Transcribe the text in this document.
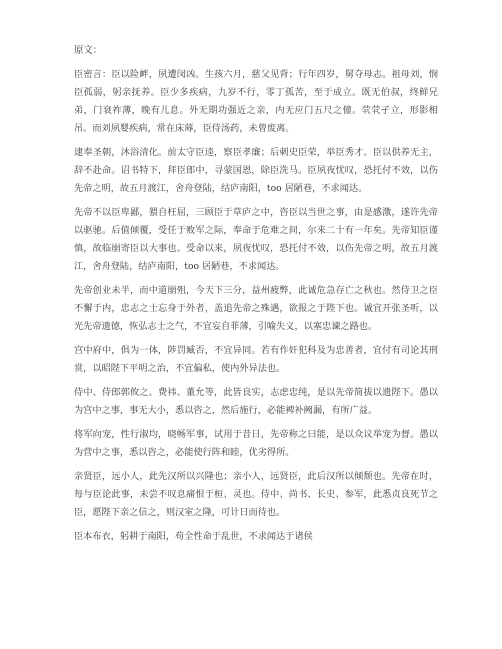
原文：

臣密言：臣以险衅，夙遭闵凶。生孩六月，慈父见背；行年四岁，舅夺母志。祖母刘，悯臣孤弱，躬亲抚养。臣少多疾病，九岁不行，零丁孤苦，至于成立。既无伯叔，终鲜兄弟，门衰祚薄，晚有儿息。外无期功强近之亲，内无应门五尺之僮。茕茕孑立，形影相吊。而刘夙婴疾病，常在床蓐，臣侍汤药，未曾废离。

逮奉圣朝，沐浴清化。前太守臣逵，察臣孝廉；后刺史臣荣，举臣秀才。臣以供养无主，辞不赴命。诏书特下，拜臣郎中，寻蒙国恩，除臣洗马。臣夙夜忧叹，恐托付不效，以伤先帝之明，故五月渡江，舍舟登陆，结庐南阳，too 居陋巷，不求闻达。

先帝不以臣卑鄙，猥自枉屈，三顾臣于草庐之中，咨臣以当世之事，由是感激，遂许先帝以驱驰。后值倾覆，受任于败军之际，奉命于危难之间，尔来二十有一年矣。先帝知臣谨慎，故临崩寄臣以大事也。受命以来，夙夜忧叹，恐托付不效，以伤先帝之明，故五月渡江，舍舟登陆，结庐南阳，too 居陋巷，不求闻达。

先帝创业未半，而中道崩殂，今天下三分，益州疲弊，此诚危急存亡之秋也。然侍卫之臣不懈于内，忠志之士忘身于外者，盖追先帝之殊遇，欲报之于陛下也。诚宜开张圣听，以光先帝遗德，恢弘志士之气，不宜妄自菲薄，引喻失义，以塞忠谏之路也。

宫中府中，俱为一体，陟罚臧否，不宜异同。若有作奸犯科及为忠善者，宜付有司论其刑赏，以昭陛下平明之治，不宜偏私，使内外异法也。

侍中、侍郎郭攸之、费祎、董允等，此皆良实，志虑忠纯，是以先帝简拔以遗陛下。愚以为宫中之事，事无大小，悉以咨之，然后施行，必能裨补阙漏，有所广益。

将军向宠，性行淑均，晓畅军事，试用于昔日，先帝称之曰能，是以众议举宠为督。愚以为营中之事，悉以咨之，必能使行阵和睦，优劣得所。

亲贤臣，远小人，此先汉所以兴隆也；亲小人，远贤臣，此后汉所以倾颓也。先帝在时，每与臣论此事，未尝不叹息痛恨于桓、灵也。侍中、尚书、长史、参军，此悉贞良死节之臣，愿陛下亲之信之，则汉室之隆，可计日而待也。

臣本布衣，躬耕于南阳，苟全性命于乱世，不求闻达于诸侯
